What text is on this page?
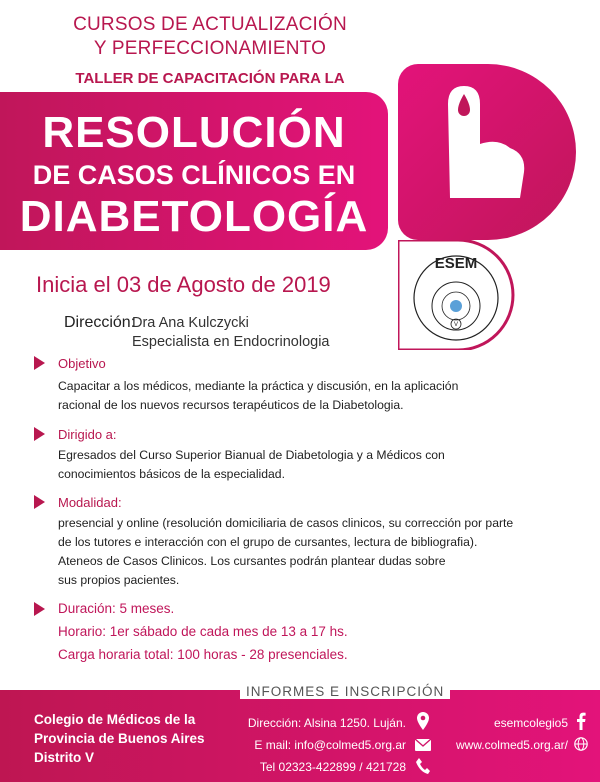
CURSOS DE ACTUALIZACIÓN
Y PERFECCIONAMIENTO
TALLER DE CAPACITACIÓN PARA LA
RESOLUCIÓN
DE CASOS CLÍNICOS EN
DIABETOLOGÍA
V
ESEM
Inicia el 03 de Agosto de 2019
Dirección:
Dra Ana Kulczycki
Especialista en Endocrinologia
Objetivo
Capacitar a los médicos, mediante la práctica y discusión, en la aplicación
racional de los nuevos recursos terapéuticos de la Diabetologia.
Dirigido a:
Egresados del Curso Superior Bianual de Diabetologia y a Médicos con
conocimientos básicos de la especialidad.
Modalidad:
presencial y online (resolución domiciliaria de casos clinicos, su corrección por parte
de los tutores e interacción con el grupo de cursantes, lectura de bibliografia).
Ateneos de Casos Clinicos. Los cursantes podrán plantear dudas sobre
sus propios pacientes.
Duración: 5 meses.
Horario: 1er sábado de cada mes de 13 a 17 hs.
Carga horaria total: 100 horas - 28 presenciales.
INFORMES E INSCRIPCIÓN
Colegio de Médicos de la
Provincia de Buenos Aires
Distrito V
Dirección: Alsina 1250. Luján.
E mail: info@colmed5.org.ar
Tel 02323-422899 / 421728
esemcolegio5
www.colmed5.org.ar/
